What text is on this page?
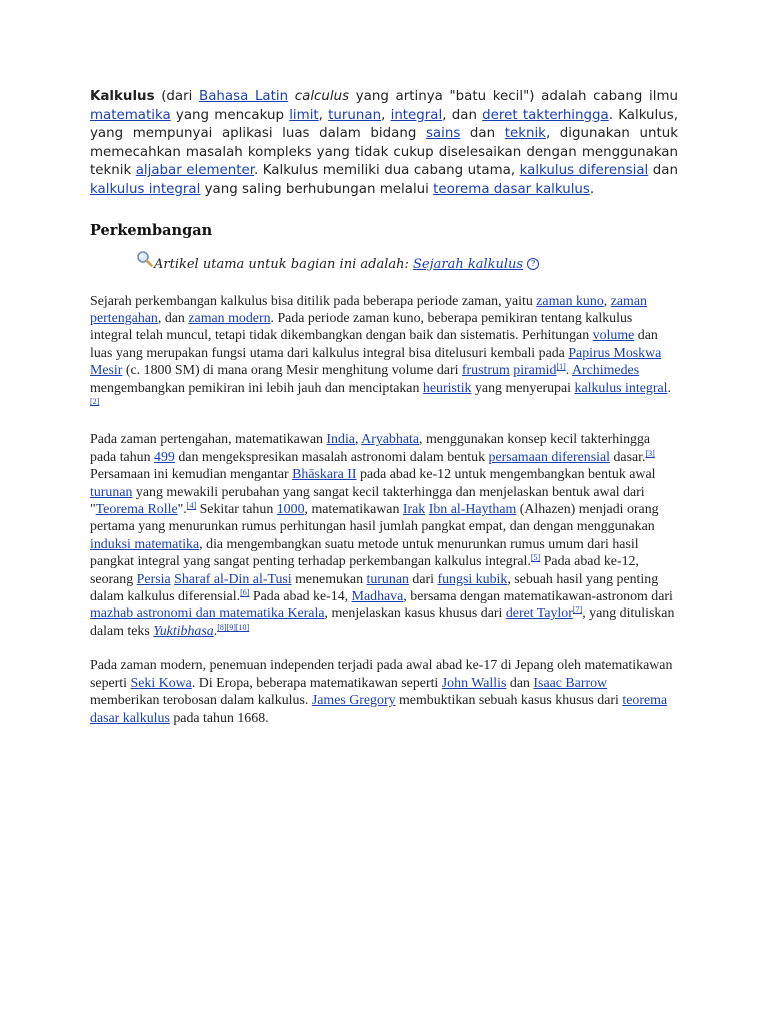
Kalkulus (dari Bahasa Latin calculus yang artinya "batu kecil") adalah cabang ilmu matematika yang mencakup limit, turunan, integral, dan deret takterhingga. Kalkulus, yang mempunyai aplikasi luas dalam bidang sains dan teknik, digunakan untuk memecahkan masalah kompleks yang tidak cukup diselesaikan dengan menggunakan teknik aljabar elementer. Kalkulus memiliki dua cabang utama, kalkulus diferensial dan kalkulus integral yang saling berhubungan melalui teorema dasar kalkulus.

Perkembangan
Artikel utama untuk bagian ini adalah: Sejarah kalkulus ?

Sejarah perkembangan kalkulus bisa ditilik pada beberapa periode zaman, yaitu zaman kuno, zaman pertengahan, dan zaman modern. Pada periode zaman kuno, beberapa pemikiran tentang kalkulus integral telah muncul, tetapi tidak dikembangkan dengan baik dan sistematis. Perhitungan volume dan luas yang merupakan fungsi utama dari kalkulus integral bisa ditelusuri kembali pada Papirus Moskwa Mesir (c. 1800 SM) di mana orang Mesir menghitung volume dari frustrum piramid[1]. Archimedes mengembangkan pemikiran ini lebih jauh dan menciptakan heuristik yang menyerupai kalkulus integral.[2]

Pada zaman pertengahan, matematikawan India, Aryabhata, menggunakan konsep kecil takterhingga pada tahun 499 dan mengekspresikan masalah astronomi dalam bentuk persamaan diferensial dasar.[3] Persamaan ini kemudian mengantar Bhāskara II pada abad ke-12 untuk mengembangkan bentuk awal turunan yang mewakili perubahan yang sangat kecil takterhingga dan menjelaskan bentuk awal dari "Teorema Rolle".[4] Sekitar tahun 1000, matematikawan Irak Ibn al-Haytham (Alhazen) menjadi orang pertama yang menurunkan rumus perhitungan hasil jumlah pangkat empat, dan dengan menggunakan induksi matematika, dia mengembangkan suatu metode untuk menurunkan rumus umum dari hasil pangkat integral yang sangat penting terhadap perkembangan kalkulus integral.[5] Pada abad ke-12, seorang Persia Sharaf al-Din al-Tusi menemukan turunan dari fungsi kubik, sebuah hasil yang penting dalam kalkulus diferensial.[6] Pada abad ke-14, Madhava, bersama dengan matematikawan-astronom dari mazhab astronomi dan matematika Kerala, menjelaskan kasus khusus dari deret Taylor[7], yang dituliskan dalam teks Yuktibhasa.[8][9][10]

Pada zaman modern, penemuan independen terjadi pada awal abad ke-17 di Jepang oleh matematikawan seperti Seki Kowa. Di Eropa, beberapa matematikawan seperti John Wallis dan Isaac Barrow memberikan terobosan dalam kalkulus. James Gregory membuktikan sebuah kasus khusus dari teorema dasar kalkulus pada tahun 1668.
